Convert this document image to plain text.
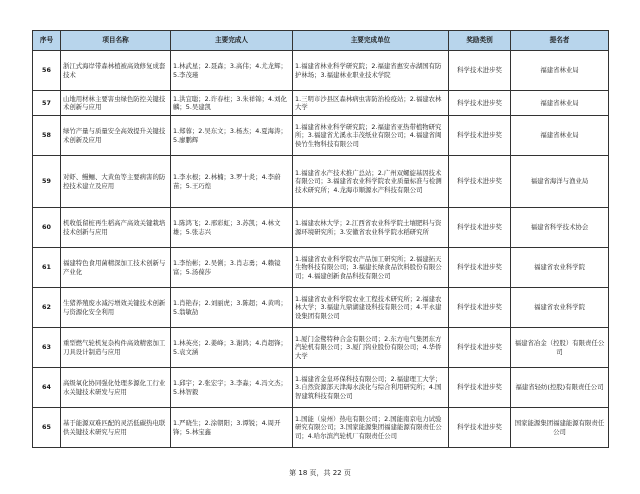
序号	项目名称	主要完成人	主要完成单位	奖励类别	提名者
56	浙江式海岸带森林植被高效修复成套技术	1.林武星；2.聂森；3.高伟；4.尤龙辉；5.李茂瑾	1.福建省林业科学研究院；2.福建省惠安赤湖国有防护林场；3.福建林业职业技术学院	科学技术进步奖	福建省林业局
57	山地用材林主要害虫绿色防控关键技术创新与应用	1.洪宜聪；2.许春柱；3.朱祥锦；4.刘化麟；5.吴建凯	1.三明市沙县区森林病虫害防治检疫站；2.福建农林大学	科学技术进步奖	福建省林业局
58	绿竹产量与质量安全高效提升关键技术创新及应用	1.郑蓉；2.吴东文；3.杨杰；4.夏海涛；5.廖鹏辉	1.福建省林业科学研究院；2.福建省亚热带植物研究所；3.福建省尤溪永丰茂纸业有限公司；4.福建省闽侯竹生物科技有限公司	科学技术进步奖	福建省林业局
59	对虾、鳗鲡、大黄鱼等主要病害的防控技术建立及应用	1.李水根；2.林楠；3.罗十炎；4.李蔚苗；5.王巧煌	1.福建省水产技术推广总站；2.广州双螺旋基因技术有限公司；3.福建省农业科学院农业质量标准与检测技术研究所；4.龙海市顺源水产科技有限公司	科学技术进步奖	福建省海洋与渔业局
60	机收低留桩再生稻高产高效关键栽培技术创新与应用	1.陈鸿飞；2.邢彩虹；3.苏凯；4.林文雄；5.张志兴	1.福建农林大学；2.江西省农业科学院土壤肥料与资源环境研究所；3.安徽省农业科学院水稻研究所	科学技术进步奖	福建省科学技术协会
61	福建特色食用菌精深加工技术创新与产业化	1.李怡彬；2.吴俐；3.肖志勇；4.赖镜富；5.汤葆莎	1.福建省农业科学院农产品加工研究所；2.福建拓天生物科技有限公司；3.福建长绿食品饮料股份有限公司；4.福建创新食品科技有限公司	科学技术进步奖	福建省农业科学院
62	生猪养殖废水减污增效关键技术创新与资源化安全利用	1.肖艳春；2.刘丽虎；3.陈超；4.黄鸣；5.翁敏劼	1.福建省农业科学院农业工程技术研究所；2.福建农林大学；3.福建九鼎湖建设科技有限公司；4.平永建设集团有限公司	科学技术进步奖	福建省农业科学院
63	重型燃气轮机复杂构件高效精密加工刀具设计制造与应用	1.林英亮；2.姜峰；3.谢鸿；4.肖超锋；5.袁文涵	1.厦门金鹭特种合金有限公司；2.东方电气集团东方汽轮机有限公司；3.厦门钨业股份有限公司；4.华侨大学	科学技术进步奖	福建省冶金（控股）有限责任公司
64	高级氧化协同强化处理多源化工行业水关键技术研发与应用	1.邱宇；2.张宏宇；3.李淼；4.冯文杰；5.林智毅	1.福建省金皇环保科技有限公司；2.福建理工大学；3.自然资源部天津海水淡化与综合利用研究所；4.国智建筑科技有限公司	科学技术进步奖	福建省轻纺(控股)有限责任公司
65	基于能源双难匹配的灵活低碳热电联供关键技术研究与应用	1.严晓生；2.涂朝阳；3.谭锐；4.周开锋；5.林宝鑫	1.国能（泉州）热电有限公司；2.国能南京电力试验研究有限公司；3.国家能源集团福建能源有限责任公司；4.哈尔滨汽轮机厂有限责任公司	科学技术进步奖	国家能源集团福建能源有限责任公司
第 18 页，共 22 页
